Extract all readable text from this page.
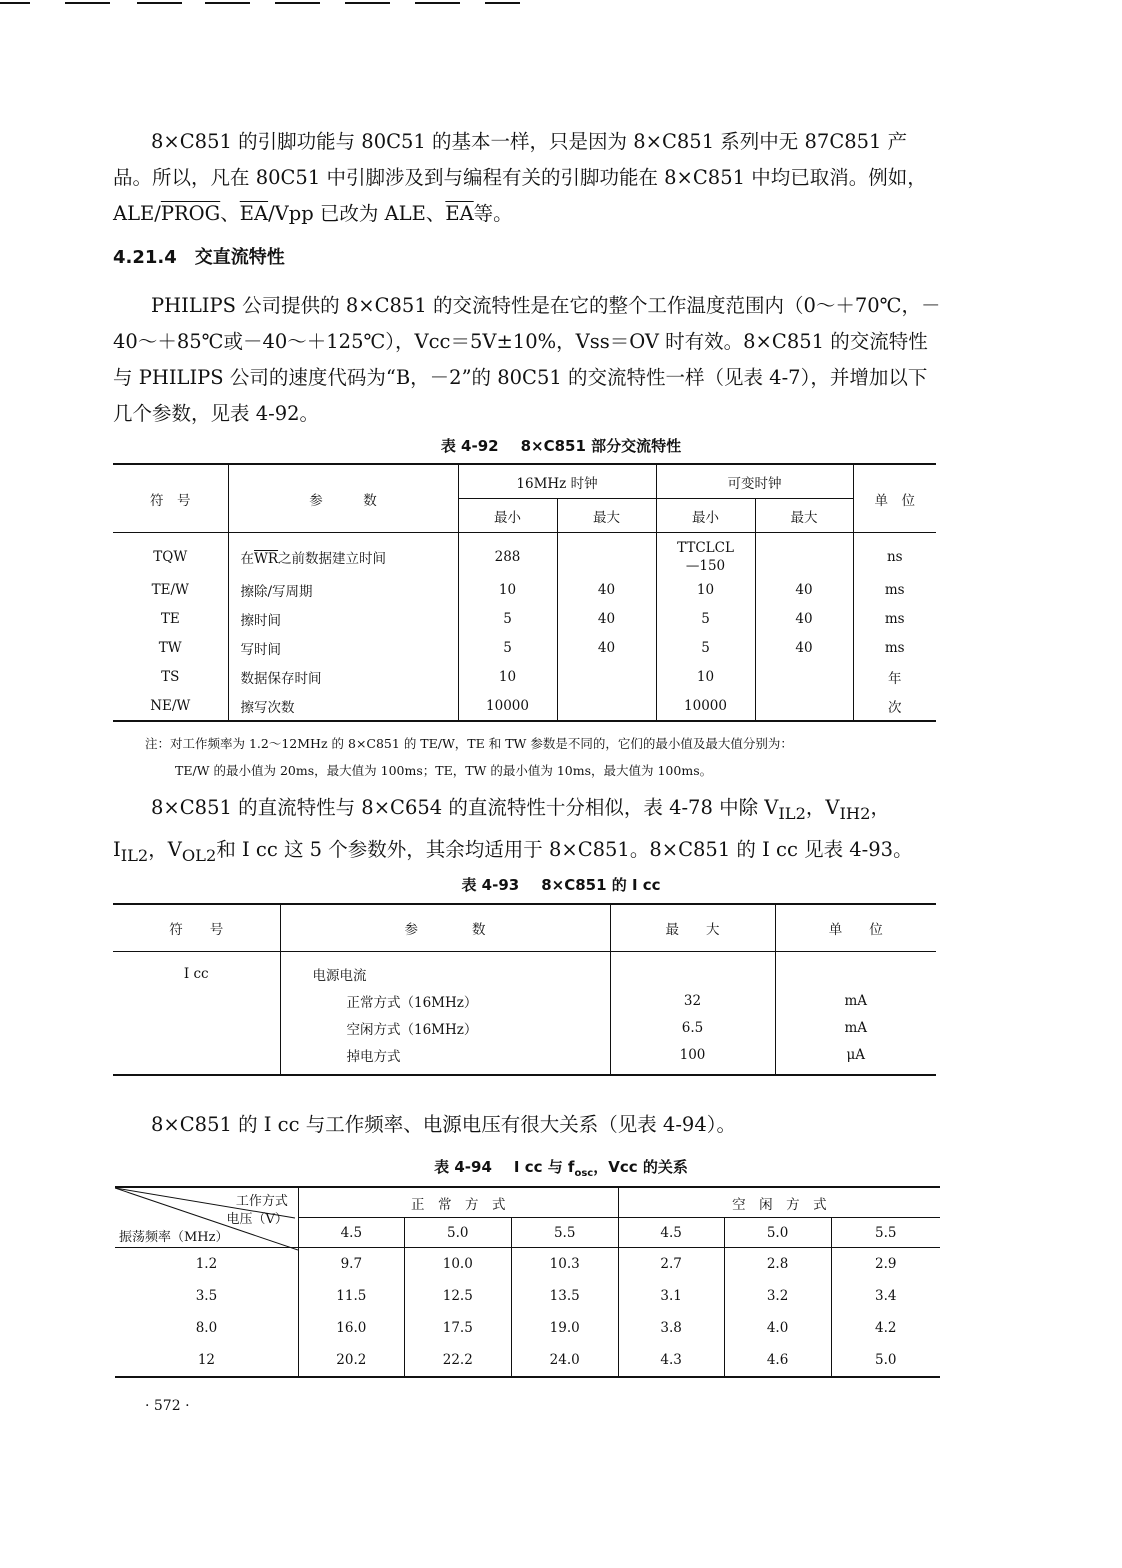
8×C851 的引脚功能与 80C51 的基本一样，只是因为 8×C851 系列中无 87C851 产品。所以，凡在 80C51 中引脚涉及到与编程有关的引脚功能在 8×C851 中均已取消。例如，ALE/PROG、$\overline{EA}$/Vpp 已改为 ALE、$\overline{EA}$等。

4.21.4 交直流特性

PHILIPS 公司提供的 8×C851 的交流特性是在它的整个工作温度范围内（0～＋70℃，－40～＋85℃或－40～＋125℃），Vcc＝5V±10%，Vss＝OV 时有效。8×C851 的交流特性与 PHILIPS 公司的速度代码为“B，－2”的 80C51 的交流特性一样（见表 4-7），并增加以下几个参数，见表 4-92。

表 4-92 8×C851 部分交流特性
符　号	参　　　数	16MHz 时钟		可变时钟		单　位
		最小	最大	最小	最大	
TQW	在$\overline{WR}$之前数据建立时间	288		TTCLCL
—150		ns
TE/W	擦除/写周期	10	40	10	40	ms
TE	擦时间	5	40	5	40	ms
TW	写时间	5	40	5	40	ms
TS	数据保存时间	10		10		年
NE/W	擦写次数	10000		10000		次
注：对工作频率为 1.2～12MHz 的 8×C851 的 TE/W，TE 和 TW 参数是不同的，它们的最小值及最大值分别为：
TE/W 的最小值为 20ms，最大值为 100ms；TE，TW 的最小值为 10ms，最大值为 100ms。

8×C851 的直流特性与 8×C654 的直流特性十分相似，表 4-78 中除 $V_{IL2}$，$V_{IH2}$，$I_{IL2}$，$V_{OL2}$和 I cc 这 5 个参数外，其余均适用于 8×C851。8×C851 的 I cc 见表 4-93。

表 4-93 8×C851 的 I cc
符　　号	参　　　　数	最　　大	单　　位
I cc	电源电流		
	正常方式（16MHz）	32	mA
	空闲方式（16MHz）	6.5	mA
	掉电方式	100	μA

8×C851 的 I cc 与工作频率、电源电压有很大关系（见表 4-94）。

表 4-94 I cc 与 $f_{osc}$，Vcc 的关系
工作方式
电压（V）
振荡频率（MHz）	正　常　方　式			空　闲　方　式		
	4.5	5.0	5.5	4.5	5.0	5.5
1.2	9.7	10.0	10.3	2.7	2.8	2.9
3.5	11.5	12.5	13.5	3.1	3.2	3.4
8.0	16.0	17.5	19.0	3.8	4.0	4.2
12	20.2	22.2	24.0	4.3	4.6	5.0
· 572 ·
